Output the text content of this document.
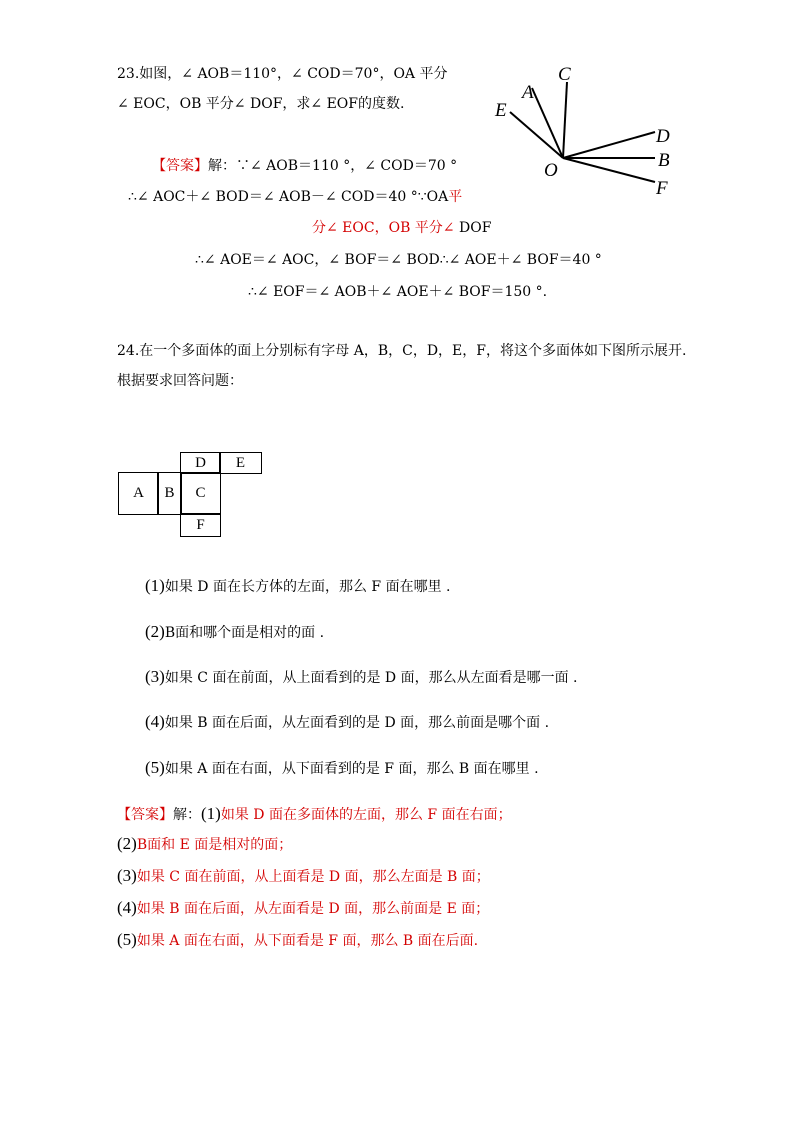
23.如图，∠ AOB＝110°，∠ COD＝70°，OA 平分
∠ EOC，OB 平分∠ DOF，求∠ EOF的度数.
C
A
E
D
B
O
F
【答案】解：∵∠ AOB＝110 °，∠ COD＝70 °
∴∠ AOC＋∠ BOD＝∠ AOB－∠ COD＝40 °∵OA平
分∠ EOC，OB 平分∠ DOF
∴∠ AOE＝∠ AOC，∠ BOF＝∠ BOD∴∠ AOE＋∠ BOF＝40 °
∴∠ EOF＝∠ AOB＋∠ AOE＋∠ BOF＝150 °.
24.在一个多面体的面上分别标有字母 A，B，C，D，E，F，将这个多面体如下图所示展开.
根据要求回答问题：
D	E
A	B	C
F
(1)如果 D 面在长方体的左面，那么 F 面在哪里 .
(2)B面和哪个面是相对的面 .
(3)如果 C 面在前面，从上面看到的是 D 面，那么从左面看是哪一面 .
(4)如果 B 面在后面，从左面看到的是 D 面，那么前面是哪个面 .
(5)如果 A 面在右面，从下面看到的是 F 面，那么 B 面在哪里 .
【答案】解：(1)如果 D 面在多面体的左面，那么 F 面在右面；
(2)B面和 E 面是相对的面；
(3)如果 C 面在前面，从上面看是 D 面，那么左面是 B 面；
(4)如果 B 面在后面，从左面看是 D 面，那么前面是 E 面；
(5)如果 A 面在右面，从下面看是 F 面，那么 B 面在后面.
